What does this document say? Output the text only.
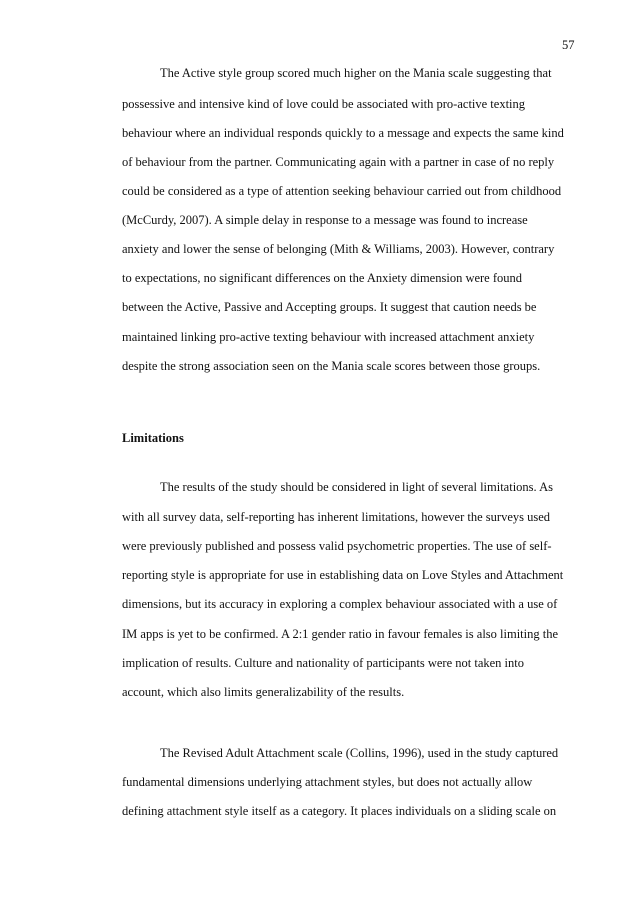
57
The Active style group scored much higher on the Mania scale suggesting that
possessive and intensive kind of love could be associated with pro-active texting
behaviour where an individual responds quickly to a message and expects the same kind
of behaviour from the partner. Communicating again with a partner in case of no reply
could be considered as a type of attention seeking behaviour carried out from childhood
(McCurdy, 2007). A simple delay in response to a message was found to increase
anxiety and lower the sense of belonging (Mith & Williams, 2003). However, contrary
to expectations, no significant differences on the Anxiety dimension were found
between the Active, Passive and Accepting groups. It suggest that caution needs be
maintained linking pro-active texting behaviour with increased attachment anxiety
despite the strong association seen on the Mania scale scores between those groups.
Limitations
The results of the study should be considered in light of several limitations. As
with all survey data, self-reporting has inherent limitations, however the surveys used
were previously published and possess valid psychometric properties. The use of self-
reporting style is appropriate for use in establishing data on Love Styles and Attachment
dimensions, but its accuracy in exploring a complex behaviour associated with a use of
IM apps is yet to be confirmed. A 2:1 gender ratio in favour females is also limiting the
implication of results. Culture and nationality of participants were not taken into
account, which also limits generalizability of the results.
The Revised Adult Attachment scale (Collins, 1996), used in the study captured
fundamental dimensions underlying attachment styles, but does not actually allow
defining attachment style itself as a category. It places individuals on a sliding scale on
